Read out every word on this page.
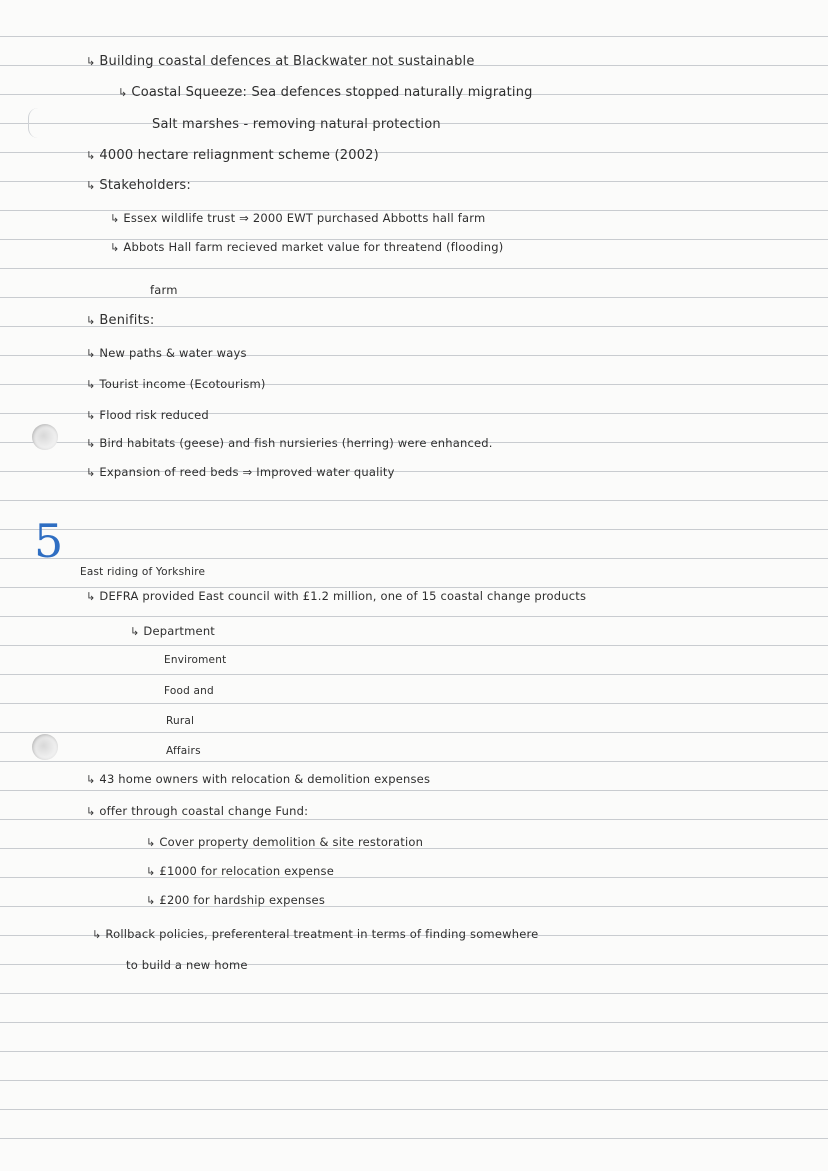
↳ Building coastal defences at Blackwater not sustainable
↳ Coastal Squeeze: Sea defences stopped naturally migrating
Salt marshes - removing natural protection
↳ 4000 hectare reliagnment scheme (2002)
↳ Stakeholders:
↳ Essex wildlife trust ⇒ 2000 EWT purchased Abbotts hall farm
↳ Abbots Hall farm recieved market value for threatend (flooding)
farm
↳ Benifits:
↳ New paths & water ways
↳ Tourist income (Ecotourism)
↳ Flood risk reduced
↳ Bird habitats (geese) and fish nursieries (herring) were enhanced.
↳ Expansion of reed beds ⇒ Improved water quality
5
East riding of Yorkshire
↳ DEFRA provided East council with £1.2 million, one of 15 coastal change products
↳ Department
Enviroment
Food and
Rural
Affairs
↳ 43 home owners with relocation & demolition expenses
↳ offer through coastal change Fund:
↳ Cover property demolition & site restoration
↳ £1000 for relocation expense
↳ £200 for hardship expenses
↳ Rollback policies, preferenteral treatment in terms of finding somewhere
to build a new home
